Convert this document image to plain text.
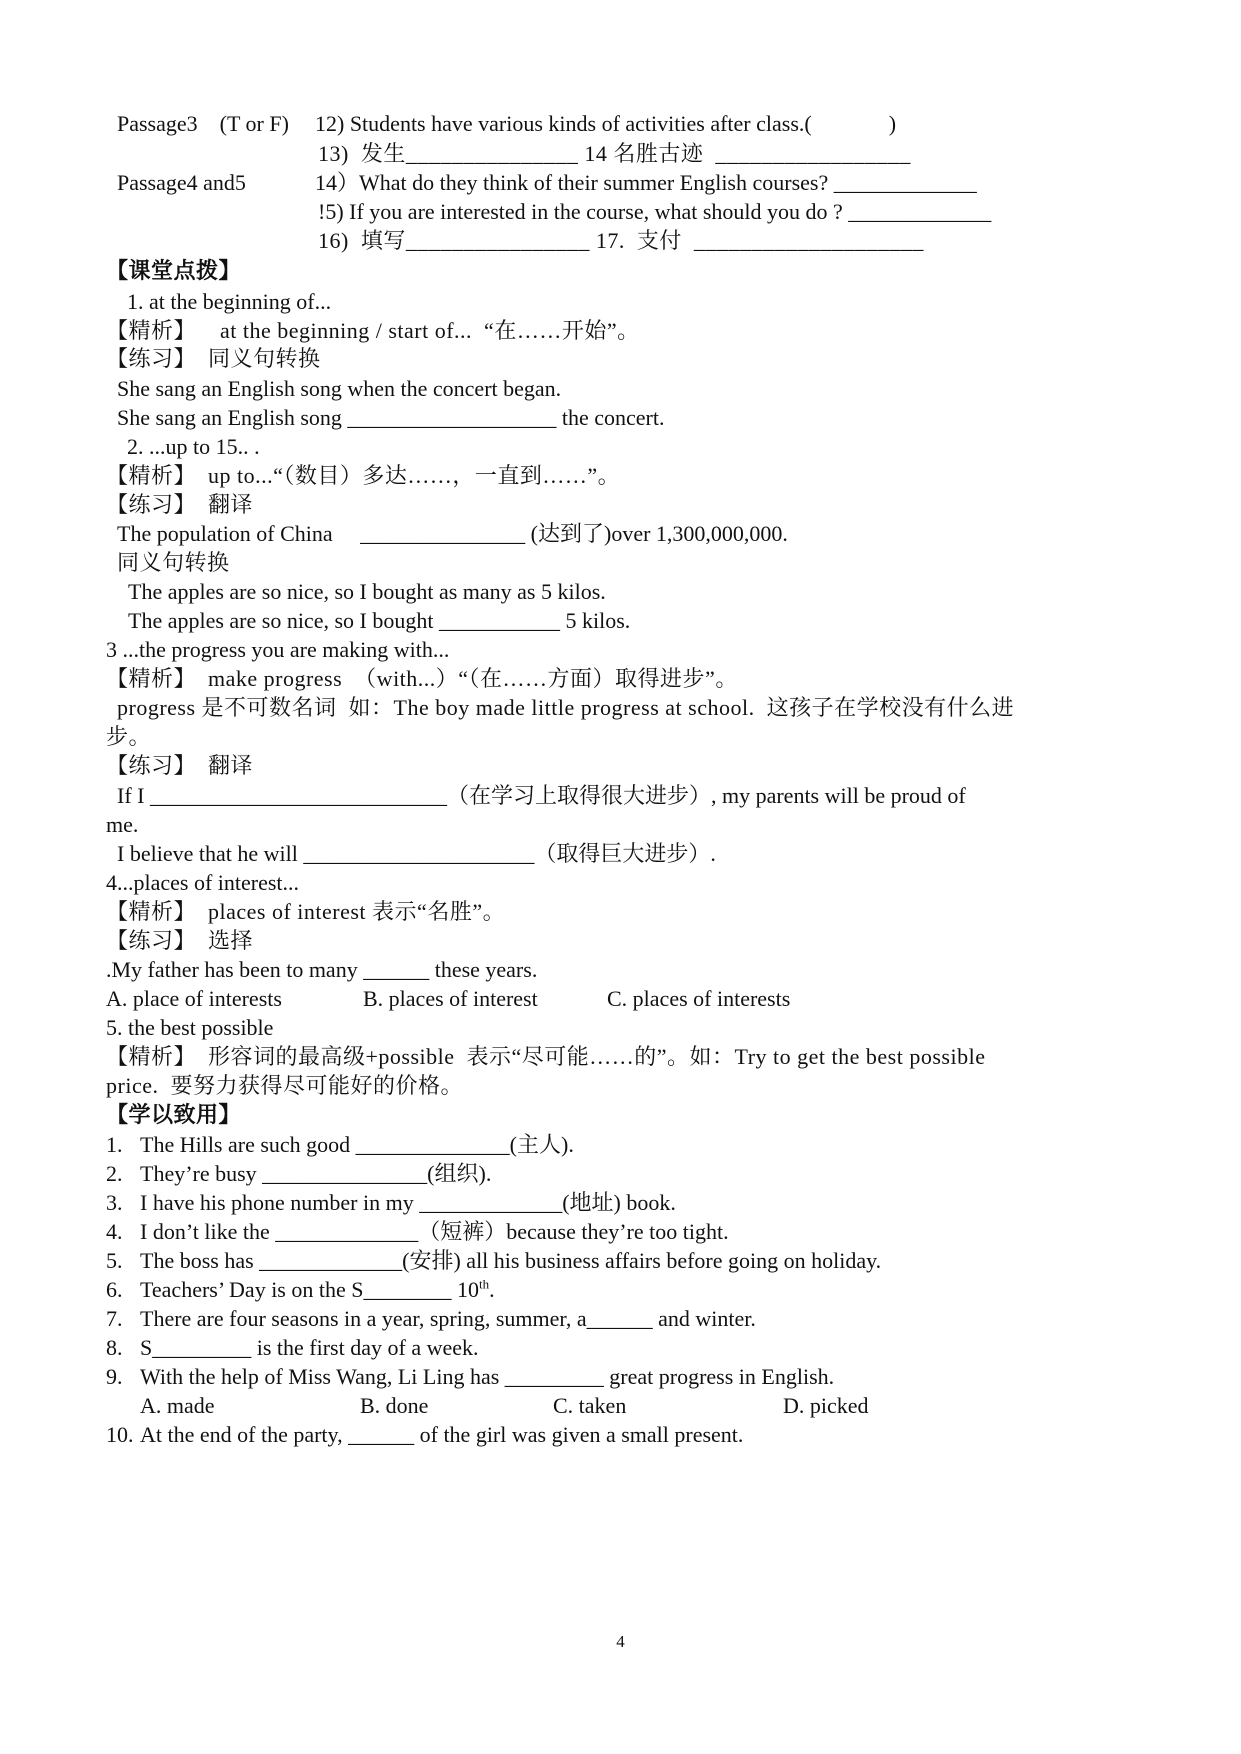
Passage3    (T or F) 12) Students have various kinds of activities after class.(              )
13)  发生_______________ 14 名胜古迹  _________________
Passage4 and5	14）What do they think of their summer English courses? _____________
!5) If you are interested in the course, what should you do ? _____________
16)  填写________________ 17.  支付  ____________________
【课堂点拨】
1. at the beginning of...
【精析】    at the beginning / start of...  “在……开始”。
【练习】  同义句转换
She sang an English song when the concert began.
She sang an English song ___________________ the concert.
2. ...up to 15.. .
【精析】  up to...“（数目）多达……，一直到……”。
【练习】  翻译
The population of China     _______________ (达到了)over 1,300,000,000.
同义句转换
The apples are so nice, so I bought as many as 5 kilos.
The apples are so nice, so I bought ___________ 5 kilos.
3 ...the progress you are making with...
【精析】  make progress  （with...）“（在……方面）取得进步”。
progress 是不可数名词  如：The boy made little progress at school.  这孩子在学校没有什么进
步。
【练习】  翻译
If I ___________________________（在学习上取得很大进步）, my parents will be proud of
me.
I believe that he will _____________________（取得巨大进步）.
4...places of interest...
【精析】  places of interest 表示“名胜”。
【练习】  选择
.My father has been to many ______ these years.
A. place of interests	B. places of interest	C. places of interests
5. the best possible
【精析】  形容词的最高级+possible  表示“尽可能……的”。如：Try to get the best possible
price.  要努力获得尽可能好的价格。
【学以致用】
1. The Hills are such good ______________(主人).
2. They’re busy _______________(组织).
3. I have his phone number in my _____________(地址) book.
4. I don’t like the _____________（短裤）because they’re too tight.
5. The boss has _____________(安排) all his business affairs before going on holiday.
6. Teachers’ Day is on the S________ 10th.
7. There are four seasons in a year, spring, summer, a______ and winter.
8. S_________ is the first day of a week.
9. With the help of Miss Wang, Li Ling has _________ great progress in English.
A. made	B. done	C. taken	D. picked
10. At the end of the party, ______ of the girl was given a small present.
4
